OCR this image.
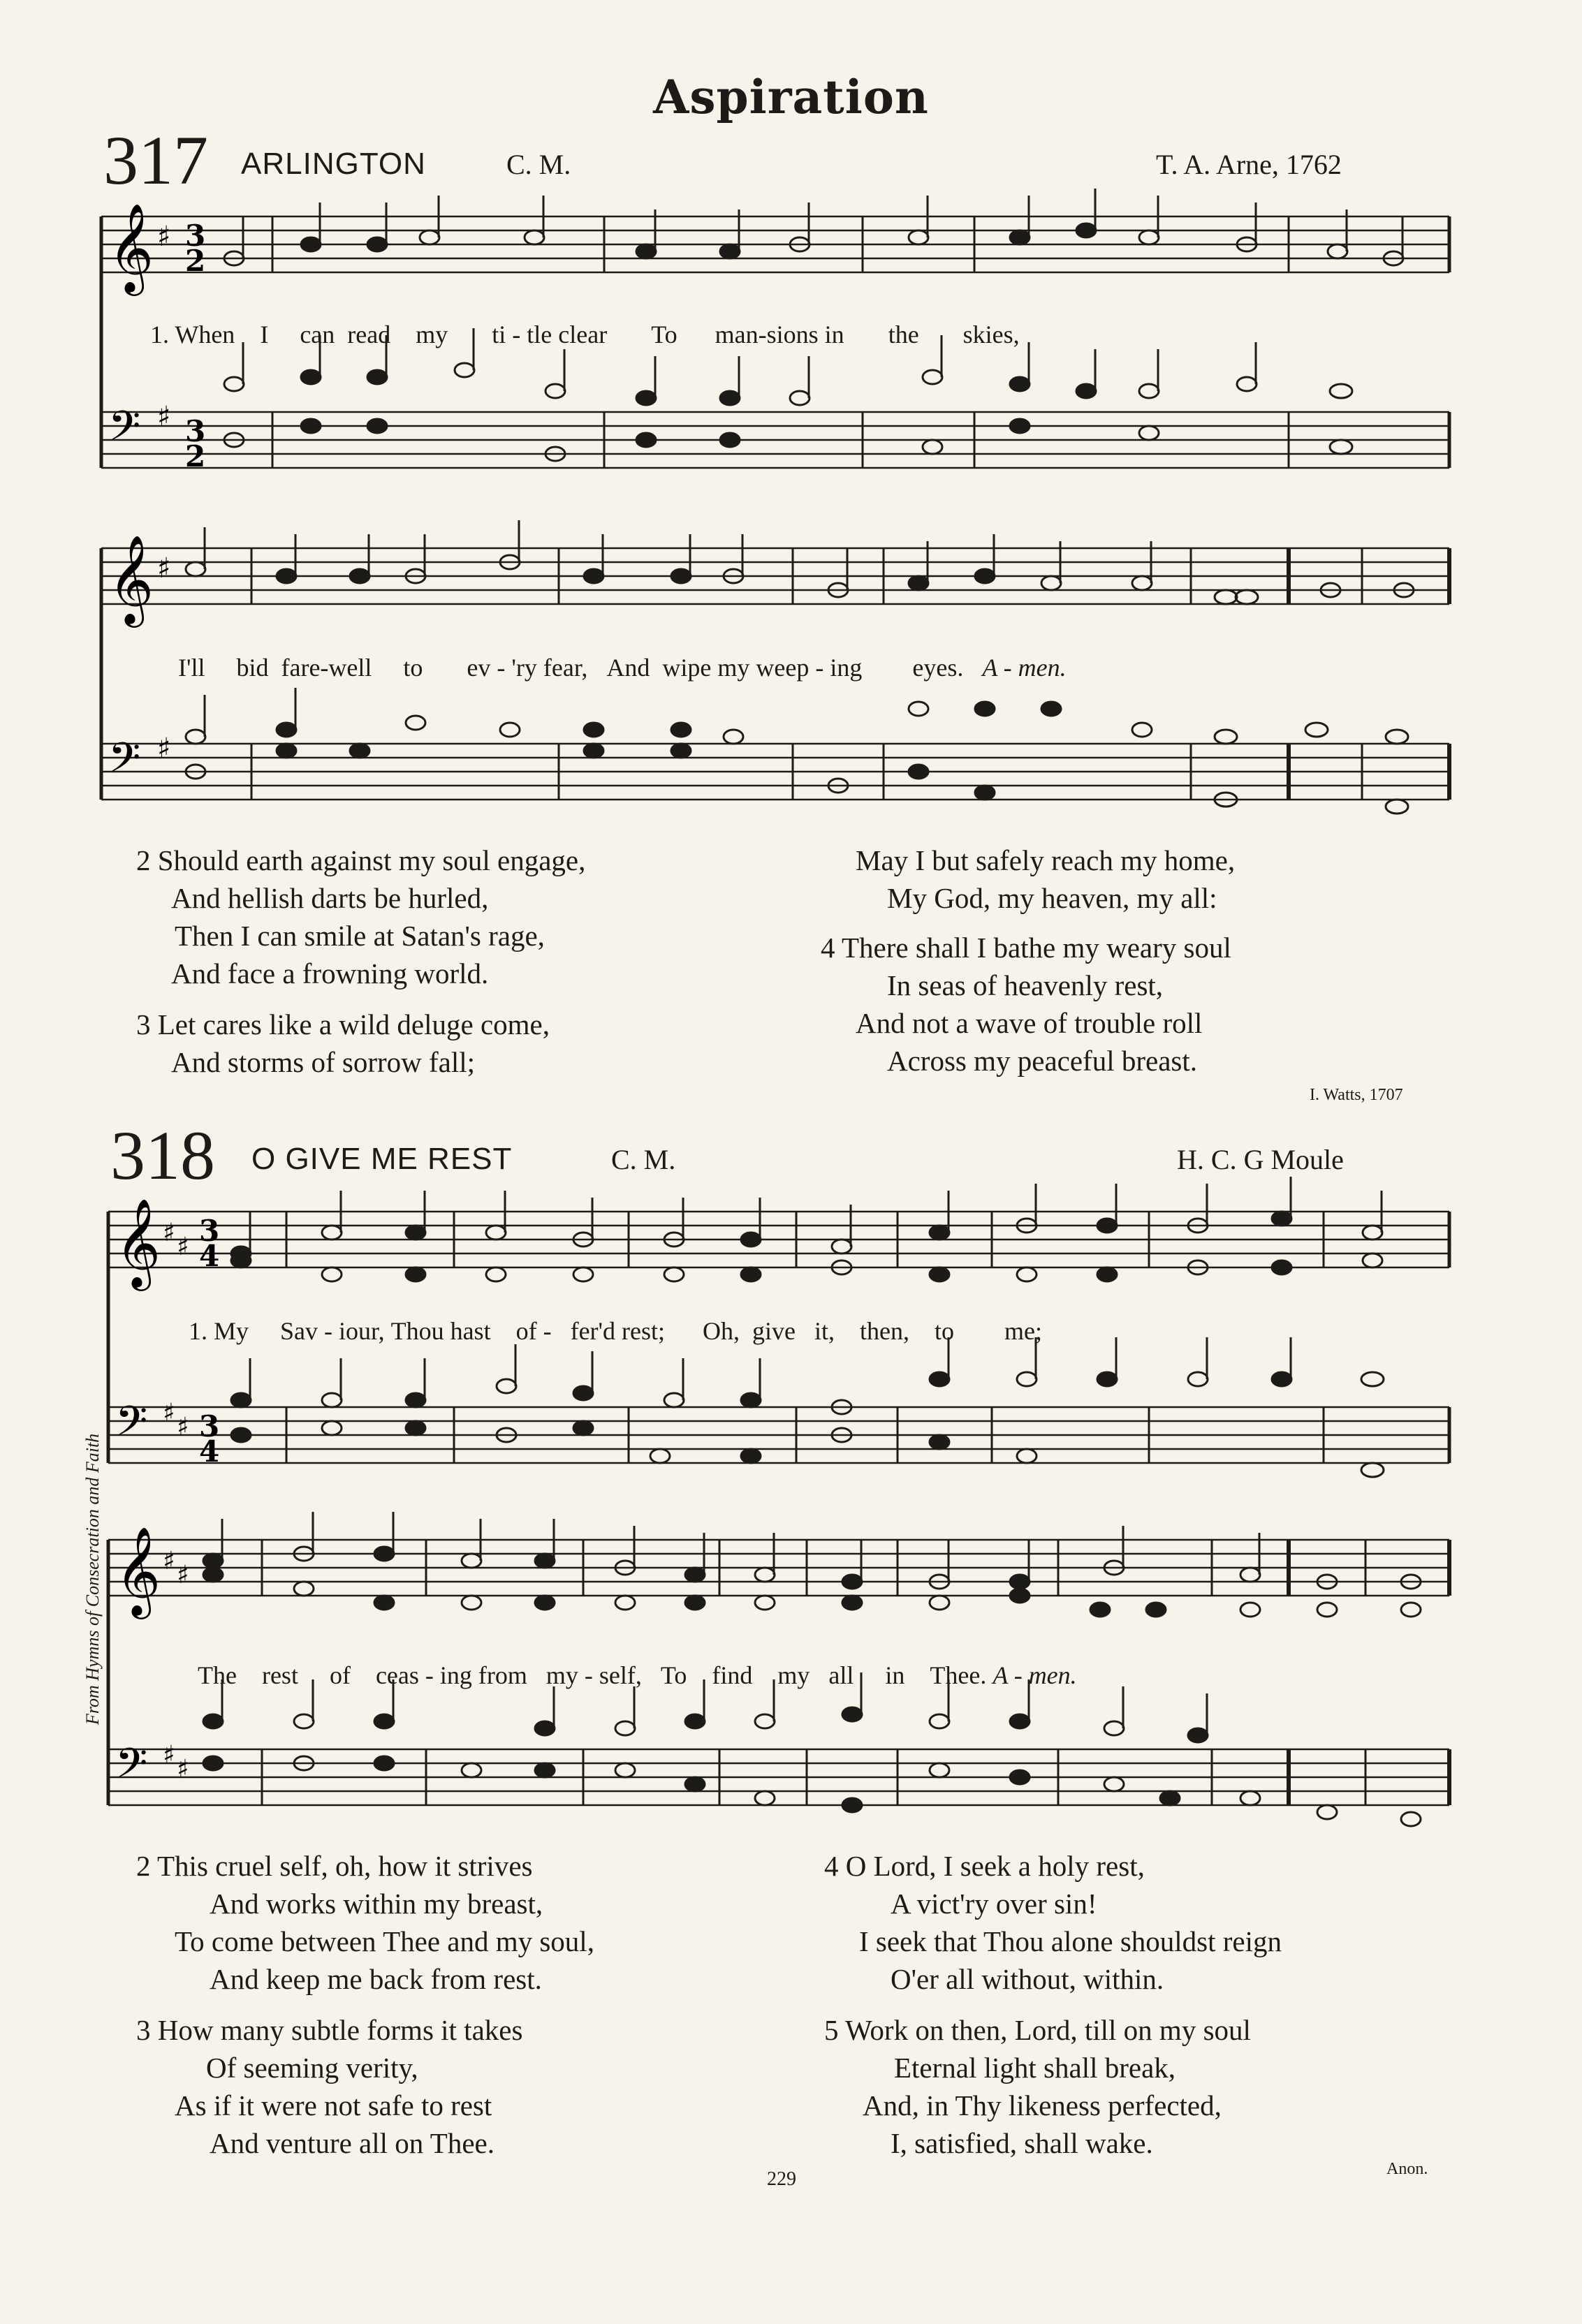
Aspiration
317 ARLINGTON	C. M.	T. A. Arne, 1762
𝄞
𝄢
♯
♯
3
2
3
2
1. When I can read my ti - tle clear To man-sions in the skies,
𝄞
𝄢
♯
♯
I'll bid fare-well to ev - 'ry fear, And wipe my weep - ing eyes. A - men.
2 Should earth against my soul engage,
And hellish darts be hurled,
Then I can smile at Satan's rage,
And face a frowning world.
3 Let cares like a wild deluge come,
And storms of sorrow fall;
May I but safely reach my home,
My God, my heaven, my all:
4 There shall I bathe my weary soul
In seas of heavenly rest,
And not a wave of trouble roll
Across my peaceful breast.
I. Watts, 1707
318 O GIVE ME REST	C. M.	H. C. G Moule
𝄞
𝄢
♯ ♯
♯ ♯
3
4
3
4
1. My Sav - iour, Thou hast of - fer'd rest; Oh, give it, then, to me;
𝄞
𝄢
♯ ♯
♯ ♯
The rest of ceas - ing from my - self, To find my all in Thee. A - men.
2 This cruel self, oh, how it strives
And works within my breast,
To come between Thee and my soul,
And keep me back from rest.
3 How many subtle forms it takes
Of seeming verity,
As if it were not safe to rest
And venture all on Thee.
4 O Lord, I seek a holy rest,
A vict'ry over sin!
I seek that Thou alone shouldst reign
O'er all without, within.
5 Work on then, Lord, till on my soul
Eternal light shall break,
And, in Thy likeness perfected,
I, satisfied, shall wake.
Anon.
From Hymns of Consecration and Faith
229
